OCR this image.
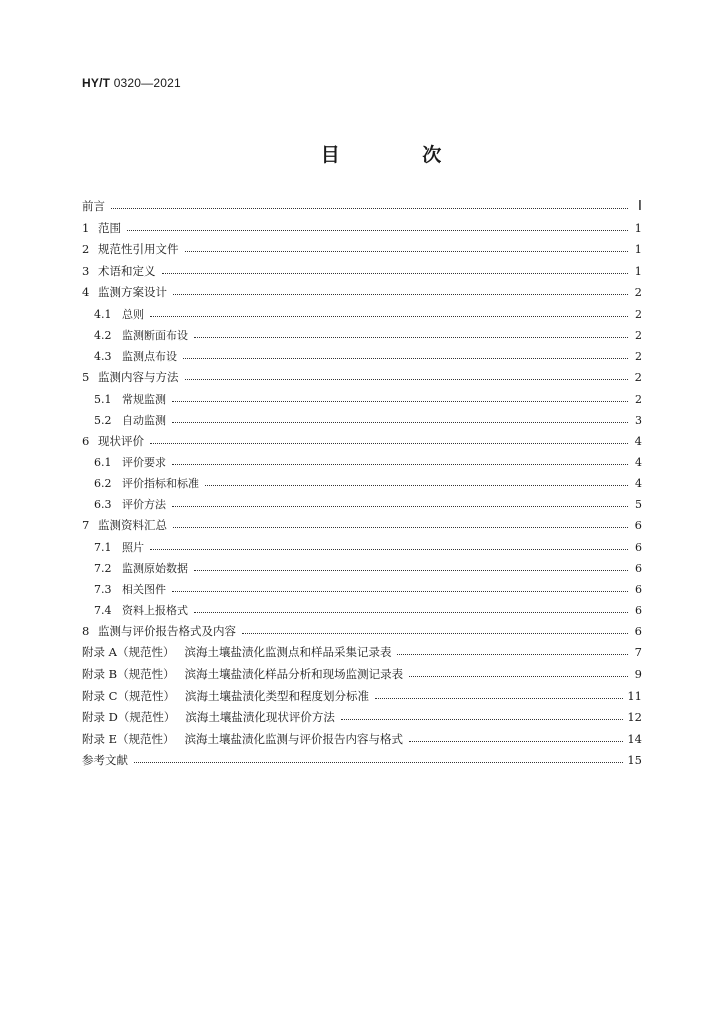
HY/T 0320—2021
目 次
前言	Ⅰ
1 范围	1
2 规范性引用文件	1
3 术语和定义	1
4 监测方案设计	2
4.1 总则	2
4.2 监测断面布设	2
4.3 监测点布设	2
5 监测内容与方法	2
5.1 常规监测	2
5.2 自动监测	3
6 现状评价	4
6.1 评价要求	4
6.2 评价指标和标准	4
6.3 评价方法	5
7 监测资料汇总	6
7.1 照片	6
7.2 监测原始数据	6
7.3 相关图件	6
7.4 资料上报格式	6
8 监测与评价报告格式及内容	6
附录 A（规范性） 滨海土壤盐渍化监测点和样品采集记录表	7
附录 B（规范性） 滨海土壤盐渍化样品分析和现场监测记录表	9
附录 C（规范性） 滨海土壤盐渍化类型和程度划分标准	11
附录 D（规范性） 滨海土壤盐渍化现状评价方法	12
附录 E（规范性） 滨海土壤盐渍化监测与评价报告内容与格式	14
参考文献	15
